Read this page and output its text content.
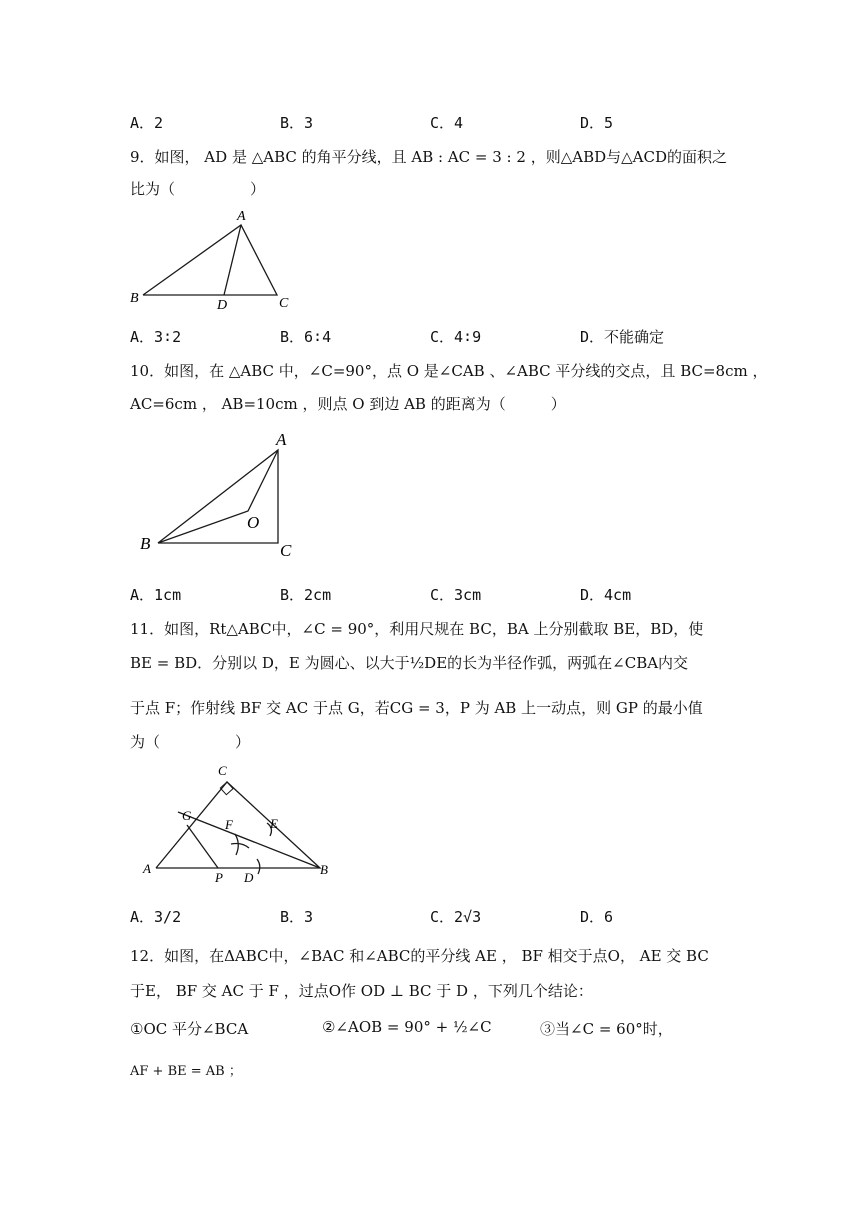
A．2	B．3	C．4	D．5
9．如图， AD 是 △ABC 的角平分线，且 AB : AC = 3 : 2 ，则△ABD与△ACD的面积之
比为（　　　　　）
A
B	D	C
A．3∶2	B．6∶4	C．4∶9	D．不能确定
10．如图，在 △ABC 中，∠C=90°，点 O 是∠CAB 、∠ABC 平分线的交点，且 BC=8cm ，
AC=6cm ， AB=10cm ，则点 O 到边 AB 的距离为（　　　）
A
B
O
C
A．1cm	B．2cm	C．3cm	D．4cm
11．如图，Rt△ABC中，∠C = 90°，利用尺规在 BC，BA 上分别截取 BE，BD，使
BE = BD．分别以 D，E 为圆心、以大于½DE的长为半径作弧，两弧在∠CBA内交
于点 F；作射线 BF 交 AC 于点 G，若CG = 3，P 为 AB 上一动点，则 GP 的最小值
为（　　　　　）
C
G
F	E
A
P D
B
A．3/2	B．3	C．2√3	D．6
12．如图，在ΔABC中，∠BAC 和∠ABC的平分线 AE ， BF 相交于点O， AE 交 BC
于E， BF 交 AC 于 F ，过点O作 OD ⊥ BC 于 D ，下列几个结论：
①OC 平分∠BCA	②∠AOB = 90° + ½∠C	③当∠C = 60°时，
AF + BE = AB ；
